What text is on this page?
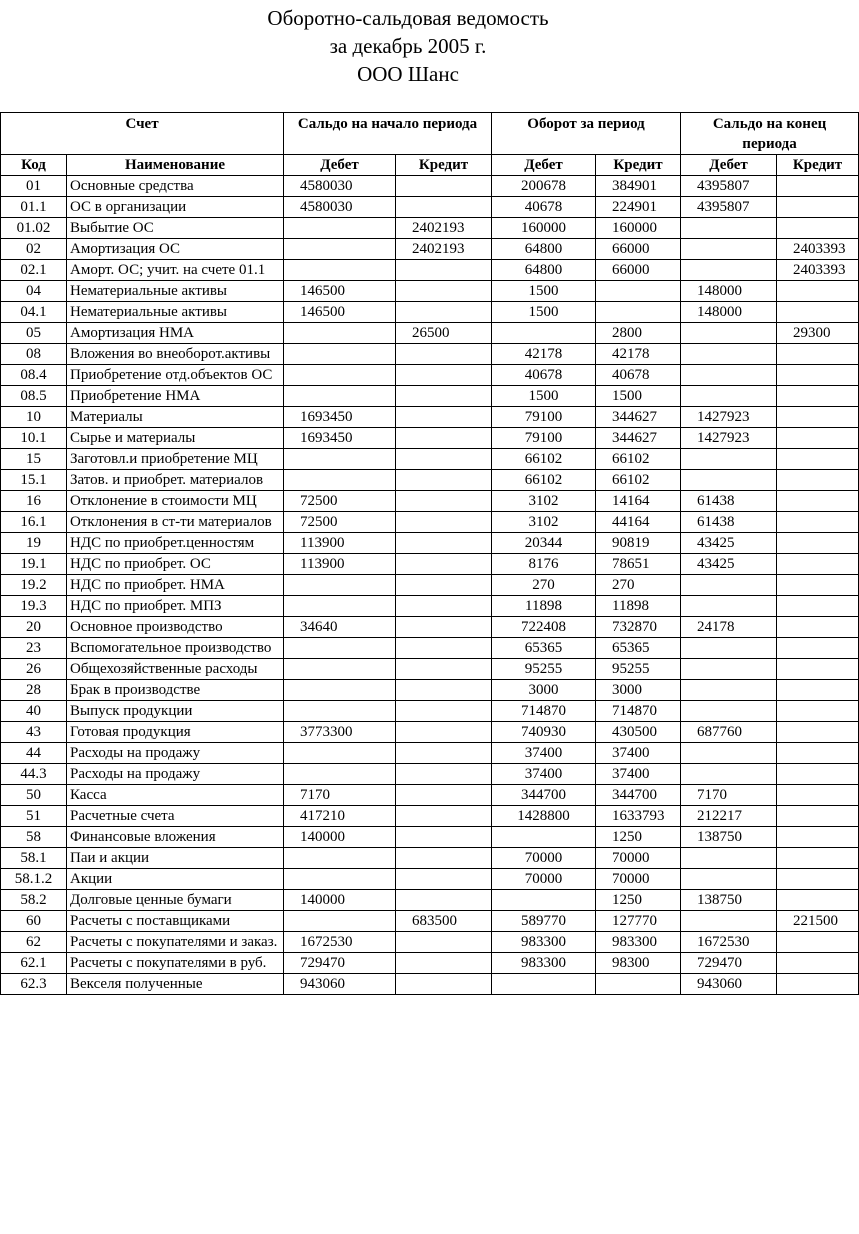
Оборотно-сальдовая ведомость
за декабрь 2005 г.
ООО Шанс
Счет		Сальдо на начало периода		Оборот за период		Сальдо на конец периода	
Код	Наименование	Дебет	Кредит	Дебет	Кредит	Дебет	Кредит
01	Основные средства	4580030		200678	384901	4395807	
01.1	ОС в организации	4580030		40678	224901	4395807	
01.02	Выбытие ОС		2402193	160000	160000		
02	Амортизация ОС		2402193	64800	66000		2403393
02.1	Аморт. ОС; учит. на счете 01.1			64800	66000		2403393
04	Нематериальные активы	146500		1500		148000	
04.1	Нематериальные активы	146500		1500		148000	
05	Амортизация НМА		26500		2800		29300
08	Вложения во внеоборот.активы			42178	42178		
08.4	Приобретение отд.объектов ОС			40678	40678		
08.5	Приобретение НМА			1500	1500		
10	Материалы	1693450		79100	344627	1427923	
10.1	Сырье и материалы	1693450		79100	344627	1427923	
15	Заготовл.и приобретение МЦ			66102	66102		
15.1	Затов. и приобрет. материалов			66102	66102		
16	Отклонение в стоимости МЦ	72500		3102	14164	61438	
16.1	Отклонения в ст-ти материалов	72500		3102	44164	61438	
19	НДС по приобрет.ценностям	113900		20344	90819	43425	
19.1	НДС по приобрет. ОС	113900		8176	78651	43425	
19.2	НДС по приобрет. НМА			270	270		
19.3	НДС по приобрет. МПЗ			11898	11898		
20	Основное производство	34640		722408	732870	24178	
23	Вспомогательное производство			65365	65365		
26	Общехозяйственные расходы			95255	95255		
28	Брак в производстве			3000	3000		
40	Выпуск продукции			714870	714870		
43	Готовая продукция	3773300		740930	430500	687760	
44	Расходы на продажу			37400	37400		
44.3	Расходы на продажу			37400	37400		
50	Касса	7170		344700	344700	7170	
51	Расчетные счета	417210		1428800	1633793	212217	
58	Финансовые вложения	140000			1250	138750	
58.1	Паи и акции			70000	70000		
58.1.2	Акции			70000	70000		
58.2	Долговые ценные бумаги	140000			1250	138750	
60	Расчеты с поставщиками		683500	589770	127770		221500
62	Расчеты с покупателями и заказ.	1672530		983300	983300	1672530	
62.1	Расчеты с покупателями в руб.	729470		983300	98300	729470	
62.3	Векселя полученные	943060				943060	
